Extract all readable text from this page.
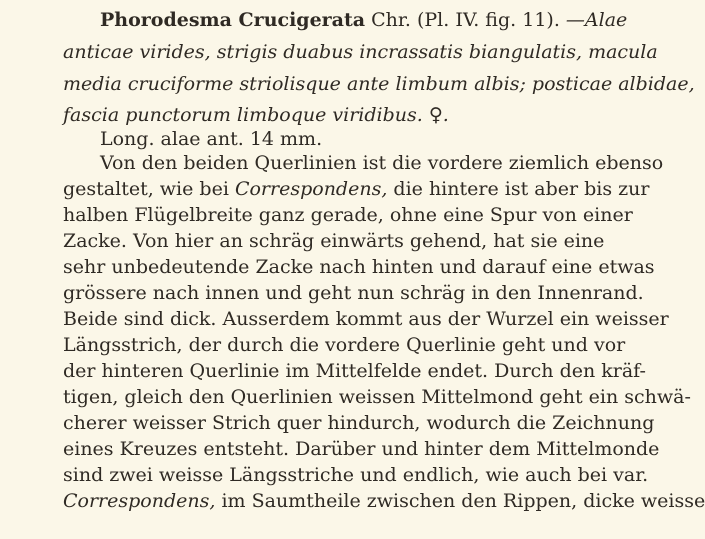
Phorodesma Crucigerata Chr. (Pl. IV. fig. 11). —Alae
anticae virides, strigis duabus incrassatis biangulatis, macula
media cruciforme striolisque ante limbum albis; posticae albidae,
fascia punctorum limboque viridibus. ♀.
Long. alae ant. 14 mm.
Von den beiden Querlinien ist die vordere ziemlich ebenso
gestaltet, wie bei Correspondens, die hintere ist aber bis zur
halben Flügelbreite ganz gerade, ohne eine Spur von einer
Zacke. Von hier an schräg einwärts gehend, hat sie eine
sehr unbedeutende Zacke nach hinten und darauf eine etwas
grössere nach innen und geht nun schräg in den Innenrand.
Beide sind dick. Ausserdem kommt aus der Wurzel ein weisser
Längsstrich, der durch die vordere Querlinie geht und vor
der hinteren Querlinie im Mittelfelde endet. Durch den kräf-
tigen, gleich den Querlinien weissen Mittelmond geht ein schwä-
cherer weisser Strich quer hindurch, wodurch die Zeichnung
eines Kreuzes entsteht. Darüber und hinter dem Mittelmonde
sind zwei weisse Längsstriche und endlich, wie auch bei var.
Correspondens, im Saumtheile zwischen den Rippen, dicke weisse
